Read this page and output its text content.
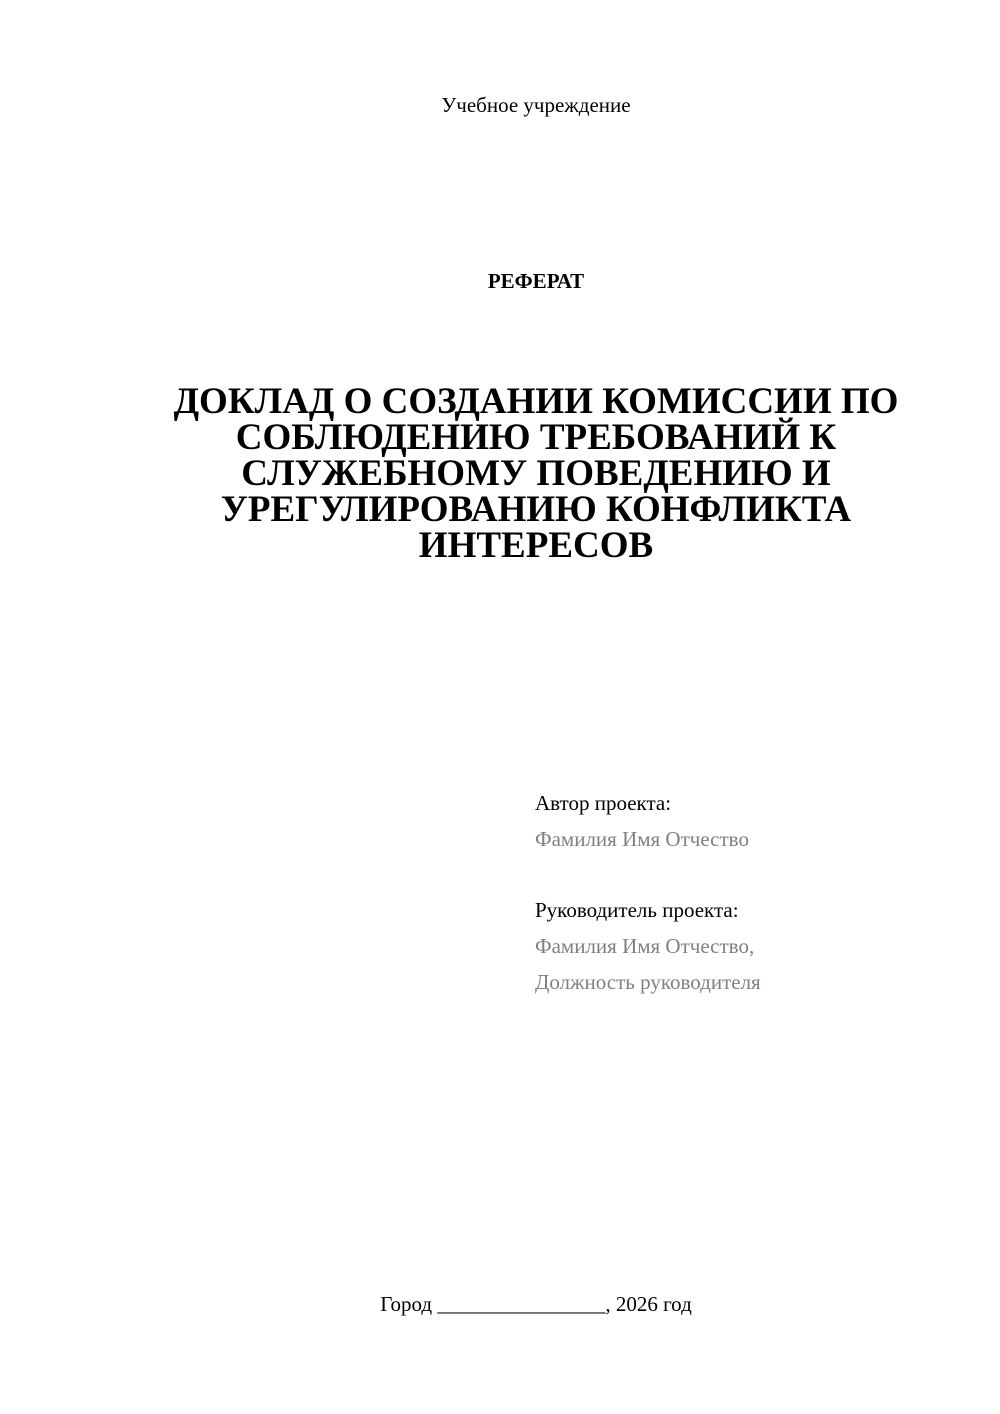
Учебное учреждение
РЕФЕРАТ
ДОКЛАД О СОЗДАНИИ КОМИССИИ ПО СОБЛЮДЕНИЮ ТРЕБОВАНИЙ К СЛУЖЕБНОМУ ПОВЕДЕНИЮ И УРЕГУЛИРОВАНИЮ КОНФЛИКТА ИНТЕРЕСОВ
Автор проекта:
Фамилия Имя Отчество
Руководитель проекта:
Фамилия Имя Отчество,
Должность руководителя
Город ________________, 2026 год
